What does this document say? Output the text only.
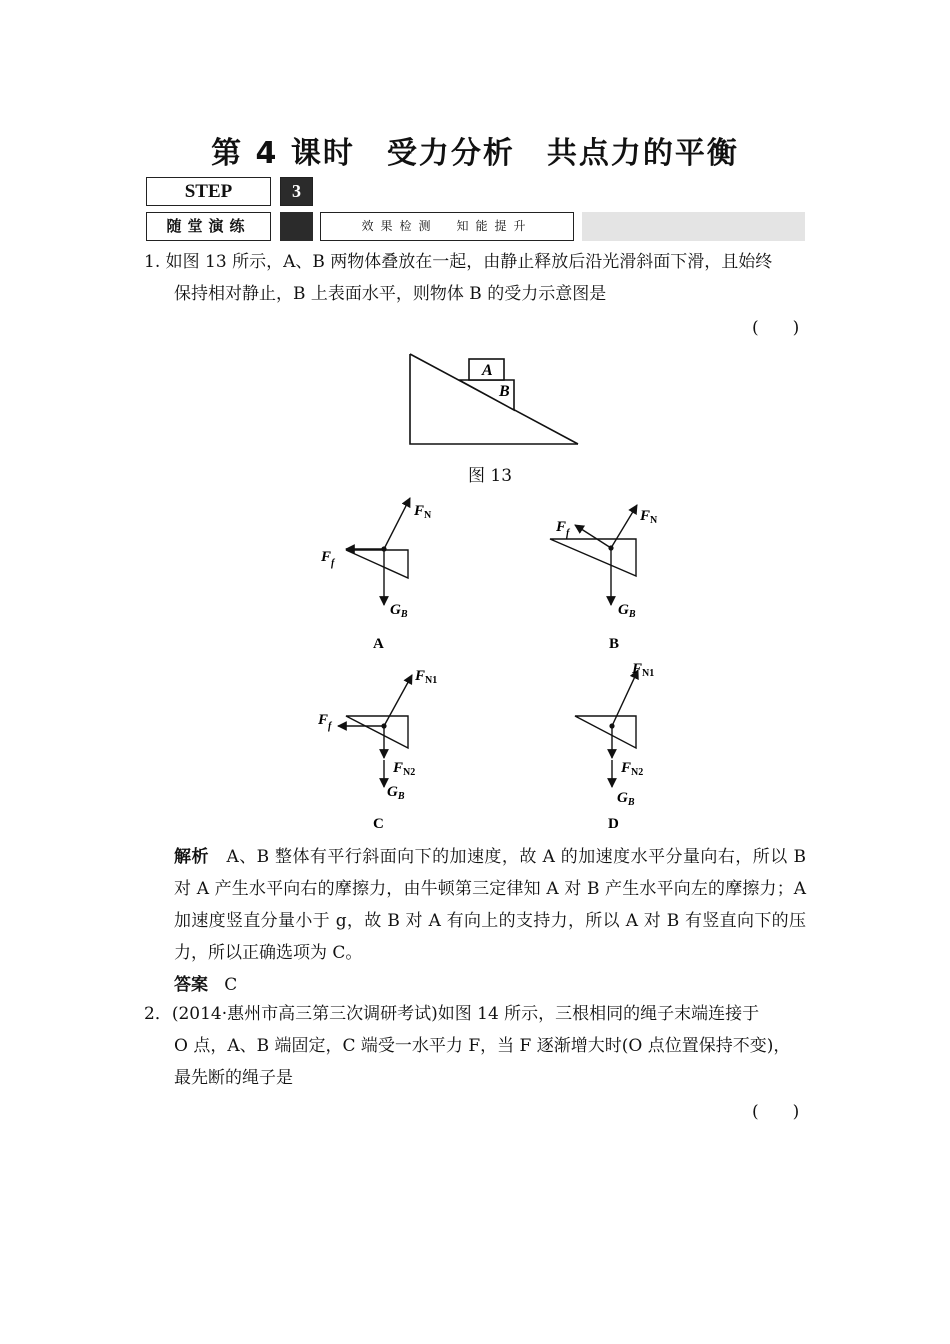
第 4 课时　受力分析　共点力的平衡
STEP	3
随堂演练	效果检测　知能提升
1. 如图 13 所示，A、B 两物体叠放在一起，由静止释放后沿光滑斜面下滑，且始终
保持相对静止，B 上表面水平，则物体 B 的受力示意图是
(　　)
A
B
图 13
$F_N$
$F_f$
$G_B$
A
$F_N$
$F_f$
$G_B$
B
$F_{N1}$
$F_f$
$F_{N2}$
$G_B$
C
$F_{N1}$
$F_{N2}$
$G_B$
D
解析 A、B 整体有平行斜面向下的加速度，故 A 的加速度水平分量向右，所以 B 对 A 产生水平向右的摩擦力，由牛顿第三定律知 A 对 B 产生水平向左的摩擦力；A 加速度竖直分量小于 g，故 B 对 A 有向上的支持力，所以 A 对 B 有竖直向下的压力，所以正确选项为 C。
答案 C
2．(2014·惠州市高三第三次调研考试)如图 14 所示，三根相同的绳子末端连接于
O 点，A、B 端固定，C 端受一水平力 F，当 F 逐渐增大时(O 点位置保持不变)，
最先断的绳子是
(　　)
